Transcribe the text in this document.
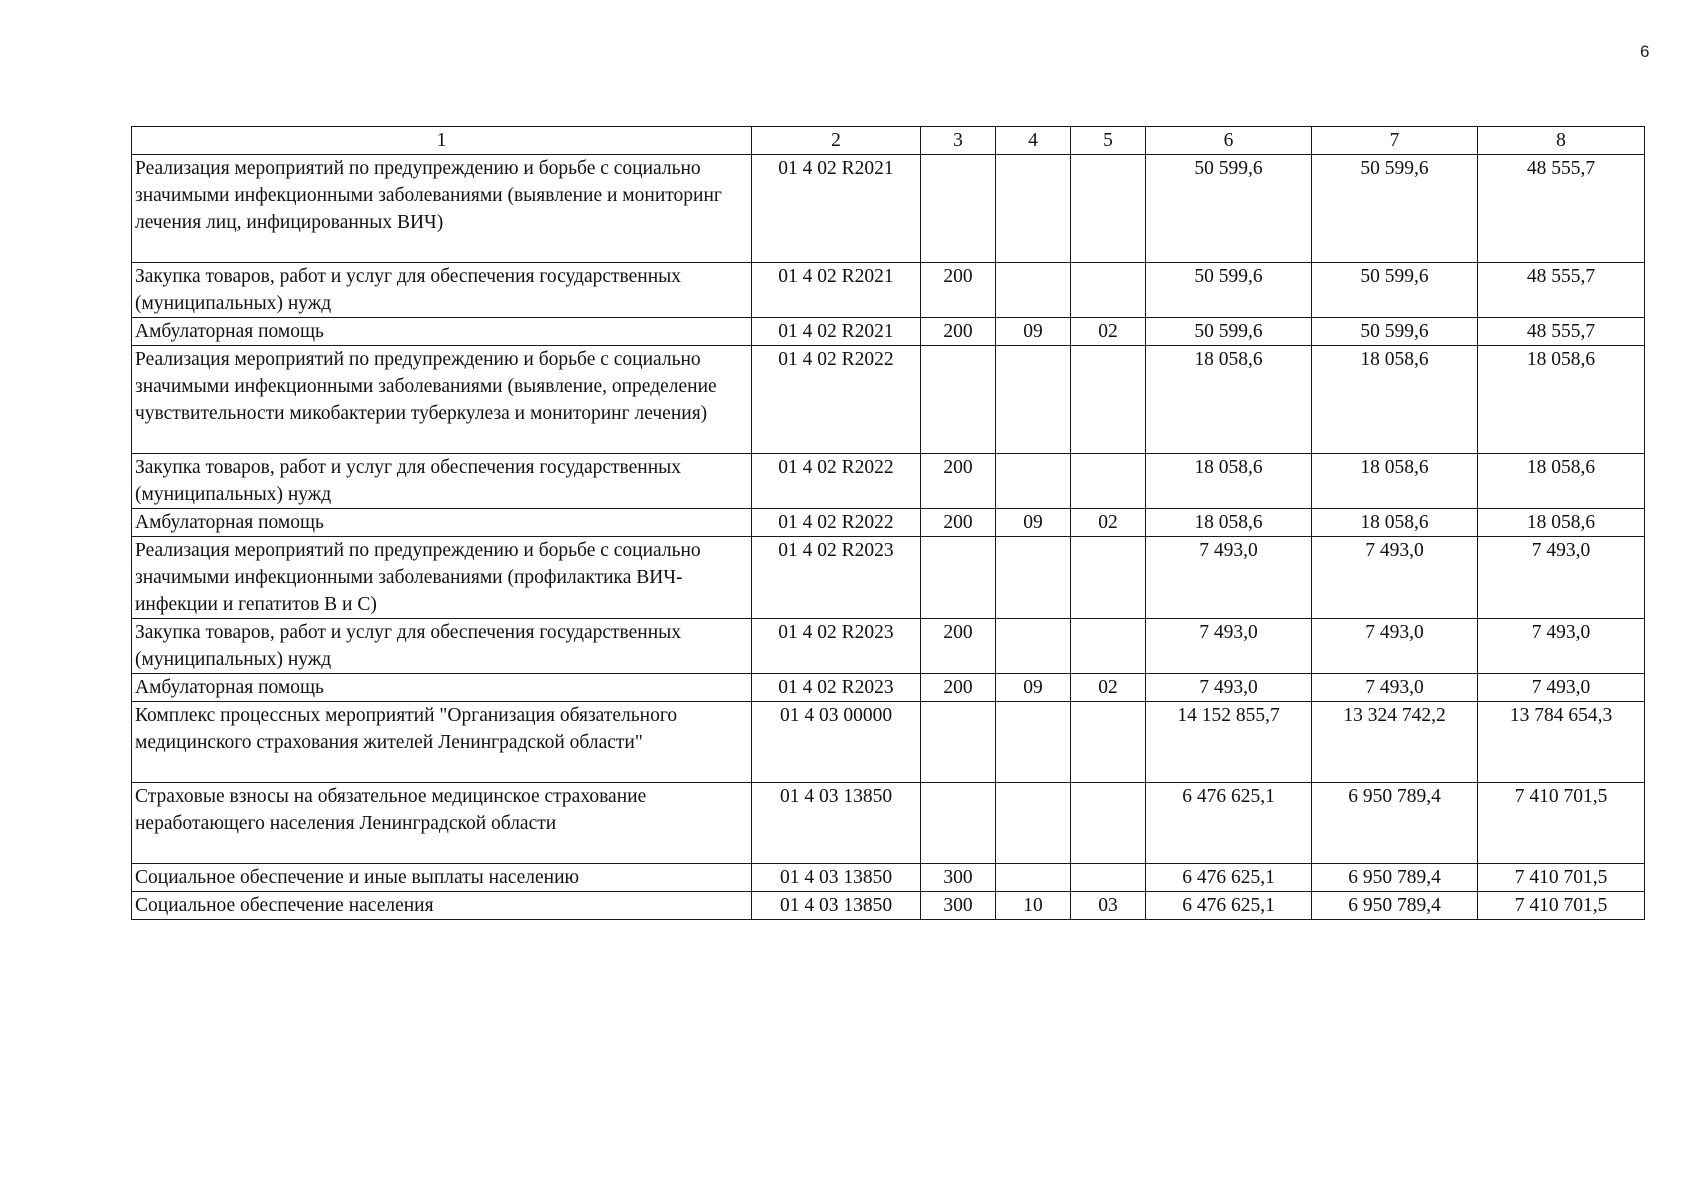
6
1	2	3	4	5	6	7	8
Реализация мероприятий по предупреждению и борьбе с социально значимыми инфекционными заболеваниями (выявление и мониторинг лечения лиц, инфицированных ВИЧ)	01 4 02 R2021				50 599,6	50 599,6	48 555,7
Закупка товаров, работ и услуг для обеспечения государственных (муниципальных) нужд	01 4 02 R2021	200			50 599,6	50 599,6	48 555,7
Амбулаторная помощь	01 4 02 R2021	200	09	02	50 599,6	50 599,6	48 555,7
Реализация мероприятий по предупреждению и борьбе с социально значимыми инфекционными заболеваниями (выявление, определение чувствительности микобактерии туберкулеза и мониторинг лечения)	01 4 02 R2022				18 058,6	18 058,6	18 058,6
Закупка товаров, работ и услуг для обеспечения государственных (муниципальных) нужд	01 4 02 R2022	200			18 058,6	18 058,6	18 058,6
Амбулаторная помощь	01 4 02 R2022	200	09	02	18 058,6	18 058,6	18 058,6
Реализация мероприятий по предупреждению и борьбе с социально значимыми инфекционными заболеваниями (профилактика ВИЧ-инфекции и гепатитов В и С)	01 4 02 R2023				7 493,0	7 493,0	7 493,0
Закупка товаров, работ и услуг для обеспечения государственных (муниципальных) нужд	01 4 02 R2023	200			7 493,0	7 493,0	7 493,0
Амбулаторная помощь	01 4 02 R2023	200	09	02	7 493,0	7 493,0	7 493,0
Комплекс процессных мероприятий "Организация обязательного медицинского страхования жителей Ленинградской области"	01 4 03 00000				14 152 855,7	13 324 742,2	13 784 654,3
Страховые взносы на обязательное медицинское страхование неработающего населения Ленинградской области	01 4 03 13850				6 476 625,1	6 950 789,4	7 410 701,5
Социальное обеспечение и иные выплаты населению	01 4 03 13850	300			6 476 625,1	6 950 789,4	7 410 701,5
Социальное обеспечение населения	01 4 03 13850	300	10	03	6 476 625,1	6 950 789,4	7 410 701,5
